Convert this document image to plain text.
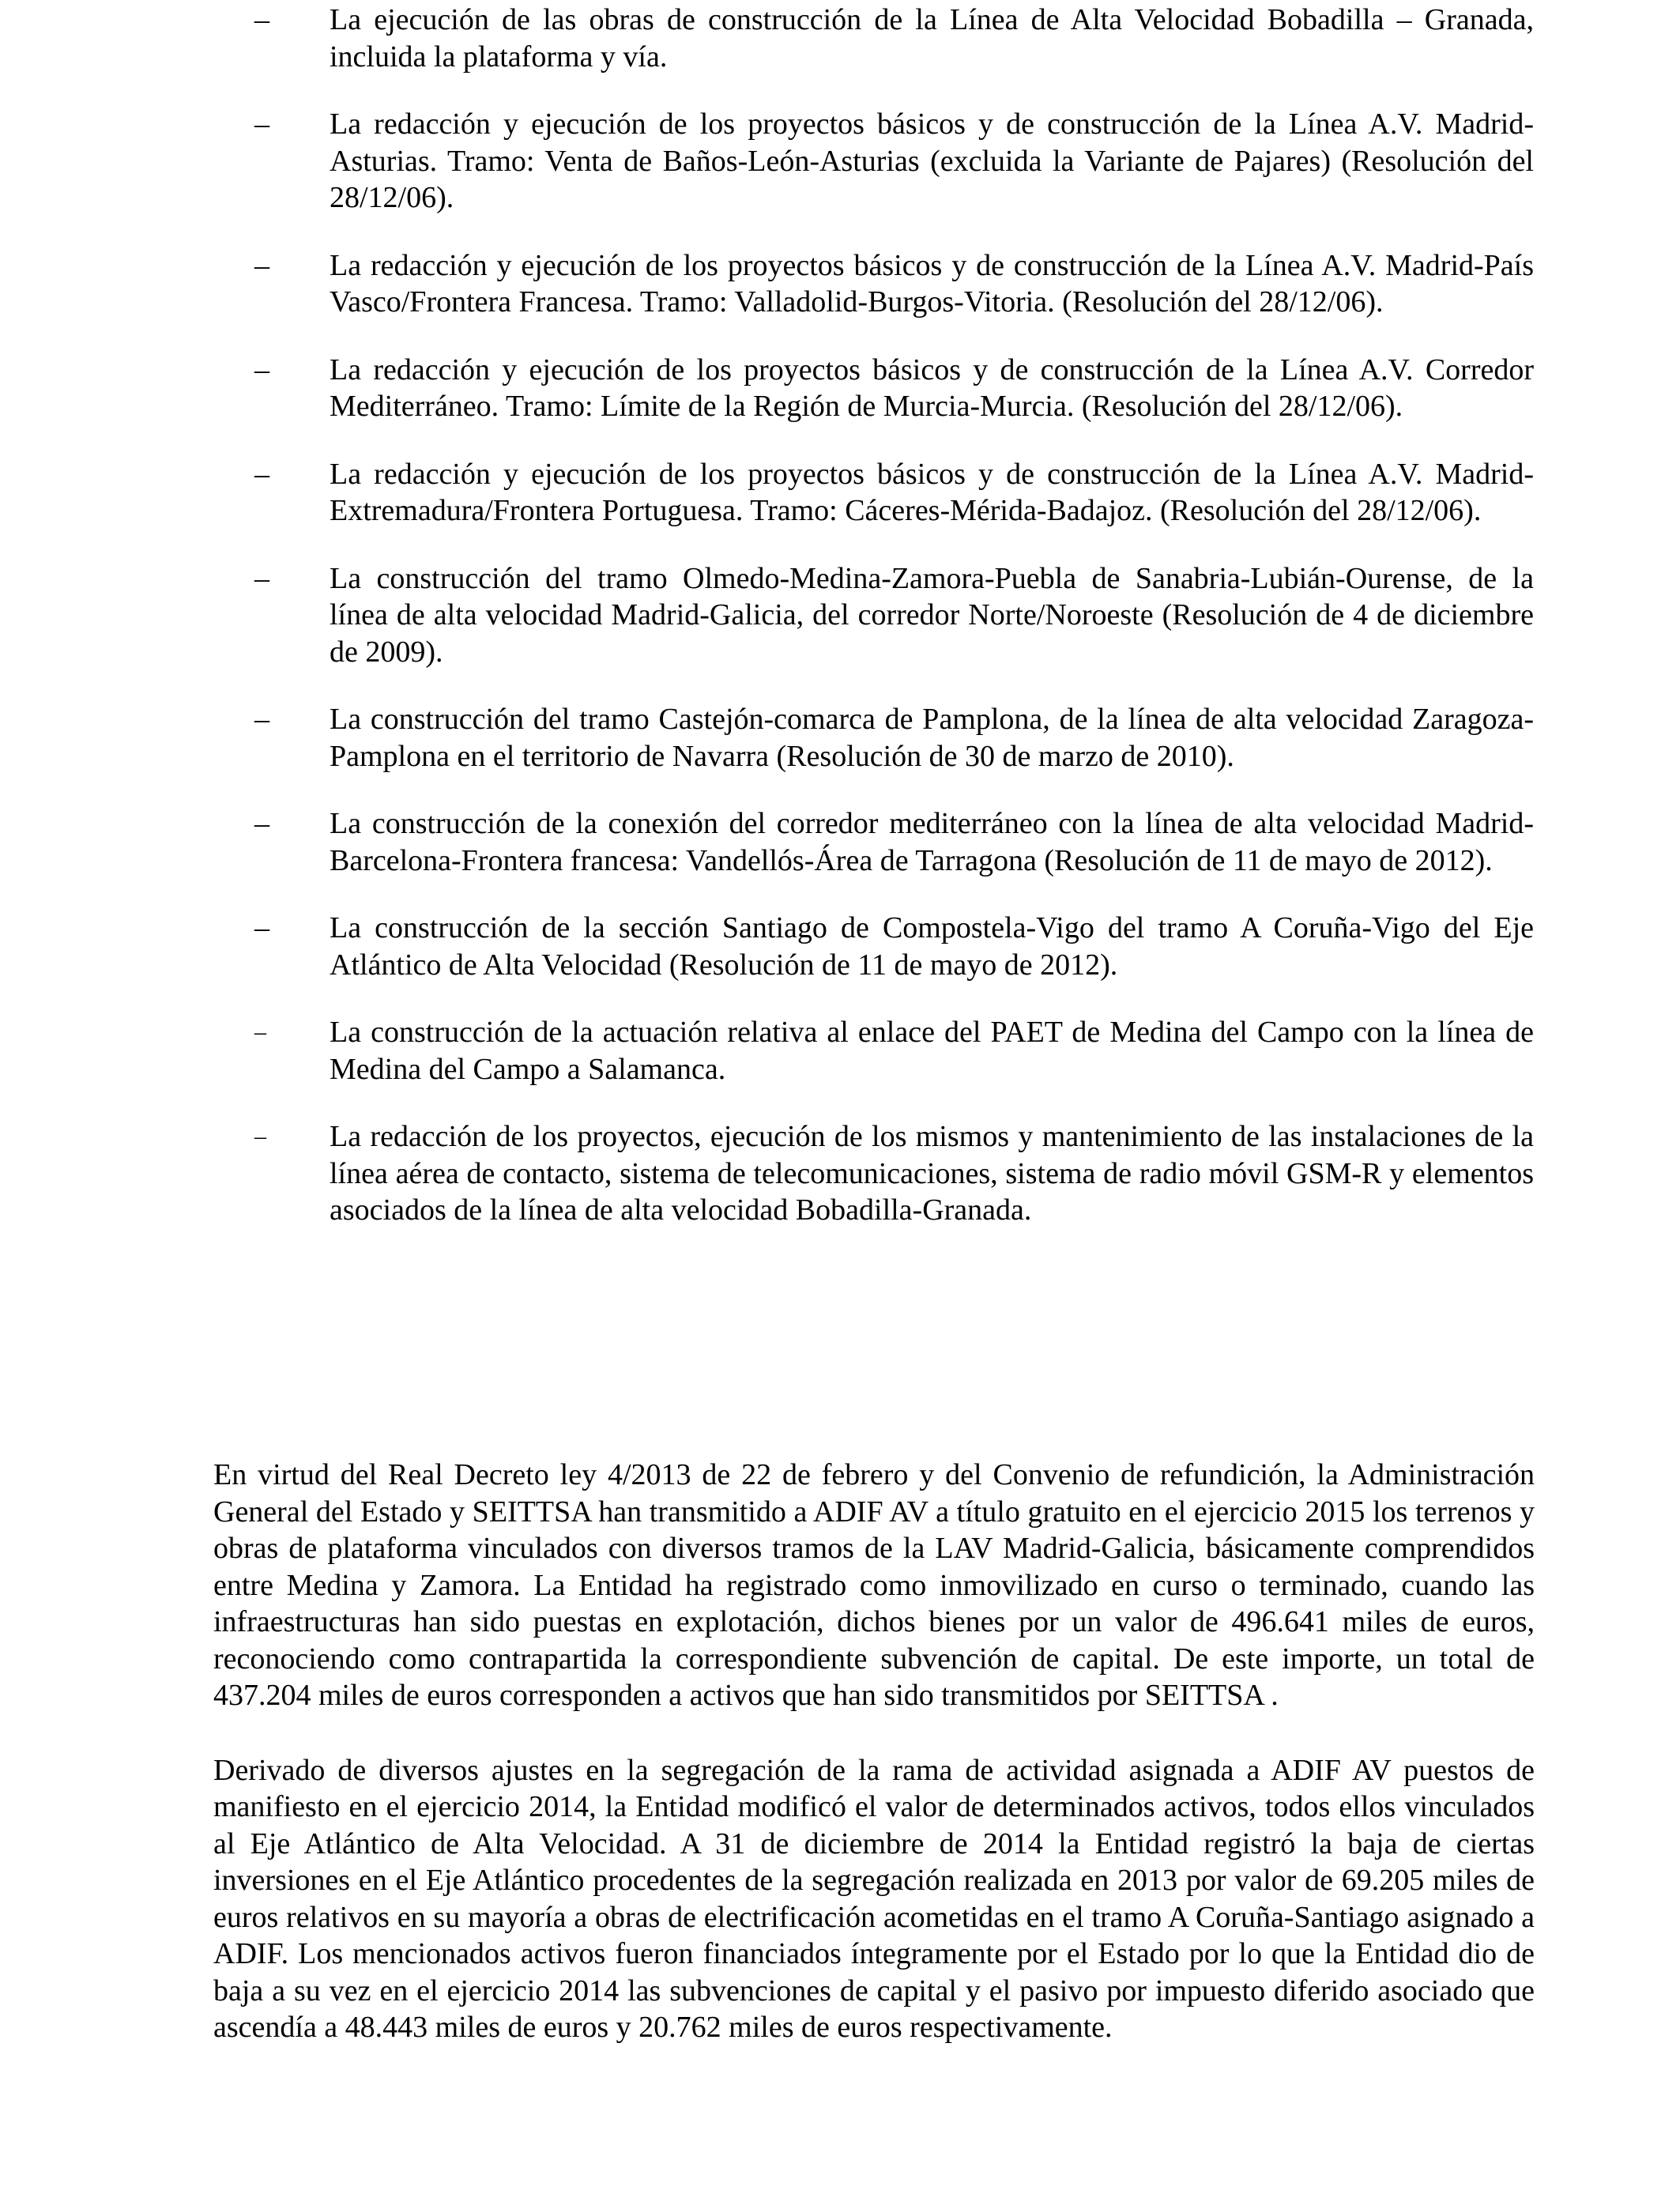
– La ejecución de las obras de construcción de la Línea de Alta Velocidad Bobadilla – Granada, incluida la plataforma y vía.
– La redacción y ejecución de los proyectos básicos y de construcción de la Línea A.V. Madrid-Asturias. Tramo: Venta de Baños-León-Asturias (excluida la Variante de Pajares) (Resolución del 28/12/06).
– La redacción y ejecución de los proyectos básicos y de construcción de la Línea A.V. Madrid-País Vasco/Frontera Francesa. Tramo: Valladolid-Burgos-Vitoria. (Resolución del 28/12/06).
– La redacción y ejecución de los proyectos básicos y de construcción de la Línea A.V. Corredor Mediterráneo. Tramo: Límite de la Región de Murcia-Murcia. (Resolución del 28/12/06).
– La redacción y ejecución de los proyectos básicos y de construcción de la Línea A.V. Madrid-Extremadura/Frontera Portuguesa. Tramo: Cáceres-Mérida-Badajoz. (Resolución del 28/12/06).
– La construcción del tramo Olmedo-Medina-Zamora-Puebla de Sanabria-Lubián-Ourense, de la línea de alta velocidad Madrid-Galicia, del corredor Norte/Noroeste (Resolución de 4 de diciembre de 2009).
– La construcción del tramo Castejón-comarca de Pamplona, de la línea de alta velocidad Zaragoza-Pamplona en el territorio de Navarra (Resolución de 30 de marzo de 2010).
– La construcción de la conexión del corredor mediterráneo con la línea de alta velocidad Madrid-Barcelona-Frontera francesa: Vandellós-Área de Tarragona (Resolución de 11 de mayo de 2012).
– La construcción de la sección Santiago de Compostela-Vigo del tramo A Coruña-Vigo del Eje Atlántico de Alta Velocidad (Resolución de 11 de mayo de 2012).
– La construcción de la actuación relativa al enlace del PAET de Medina del Campo con la línea de Medina del Campo a Salamanca.
– La redacción de los proyectos, ejecución de los mismos y mantenimiento de las instalaciones de la línea aérea de contacto, sistema de telecomunicaciones, sistema de radio móvil GSM-R y elementos asociados de la línea de alta velocidad Bobadilla-Granada.

En virtud del Real Decreto ley 4/2013 de 22 de febrero y del Convenio de refundición, la Administración General del Estado y SEITTSA han transmitido a ADIF AV a título gratuito en el ejercicio 2015 los terrenos y obras de plataforma vinculados con diversos tramos de la LAV Madrid-Galicia, básicamente comprendidos entre Medina y Zamora. La Entidad ha registrado como inmovilizado en curso o terminado, cuando las infraestructuras han sido puestas en explotación, dichos bienes por un valor de 496.641 miles de euros, reconociendo como contrapartida la correspondiente subvención de capital. De este importe, un total de 437.204 miles de euros corresponden a activos que han sido transmitidos por SEITTSA .

Derivado de diversos ajustes en la segregación de la rama de actividad asignada a ADIF AV puestos de manifiesto en el ejercicio 2014, la Entidad modificó el valor de determinados activos, todos ellos vinculados al Eje Atlántico de Alta Velocidad. A 31 de diciembre de 2014 la Entidad registró la baja de ciertas inversiones en el Eje Atlántico procedentes de la segregación realizada en 2013 por valor de 69.205 miles de euros relativos en su mayoría a obras de electrificación acometidas en el tramo A Coruña-Santiago asignado a ADIF. Los mencionados activos fueron financiados íntegramente por el Estado por lo que la Entidad dio de baja a su vez en el ejercicio 2014 las subvenciones de capital y el pasivo por impuesto diferido asociado que ascendía a 48.443 miles de euros y 20.762 miles de euros respectivamente.
